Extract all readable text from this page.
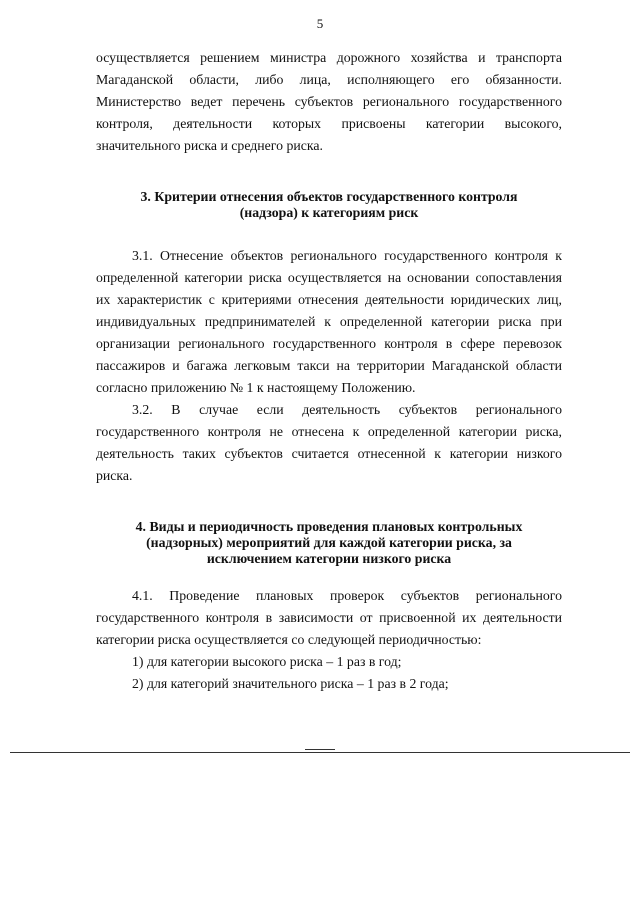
5

осуществляется решением министра дорожного хозяйства и транспорта

Магаданской области, либо лица, исполняющего его обязанности.

Министерство ведет перечень субъектов регионального государственного

контроля, деятельности которых присвоены категории высокого,

значительного риска и среднего риска.

3. Критерии отнесения объектов государственного контроля
(надзора) к категориям риск

3.1. Отнесение объектов регионального государственного контроля к определенной категории риска осуществляется на основании сопоставления их характеристик с критериями отнесения деятельности юридических лиц, индивидуальных предпринимателей к определенной категории риска при организации регионального государственного контроля в сфере перевозок пассажиров и багажа легковым такси на территории Магаданской области согласно приложению № 1 к настоящему Положению.

3.2. В случае если деятельность субъектов регионального государственного контроля не отнесена к определенной категории риска, деятельность таких субъектов считается отнесенной к категории низкого риска.

4. Виды и периодичность проведения плановых контрольных
(надзорных) мероприятий для каждой категории риска, за
исключением категории низкого риска

4.1. Проведение плановых проверок субъектов регионального государственного контроля в зависимости от присвоенной их деятельности категории риска осуществляется со следующей периодичностью:

1) для категории высокого риска – 1 раз в год;

2) для категорий значительного риска – 1 раз в 2 года;
